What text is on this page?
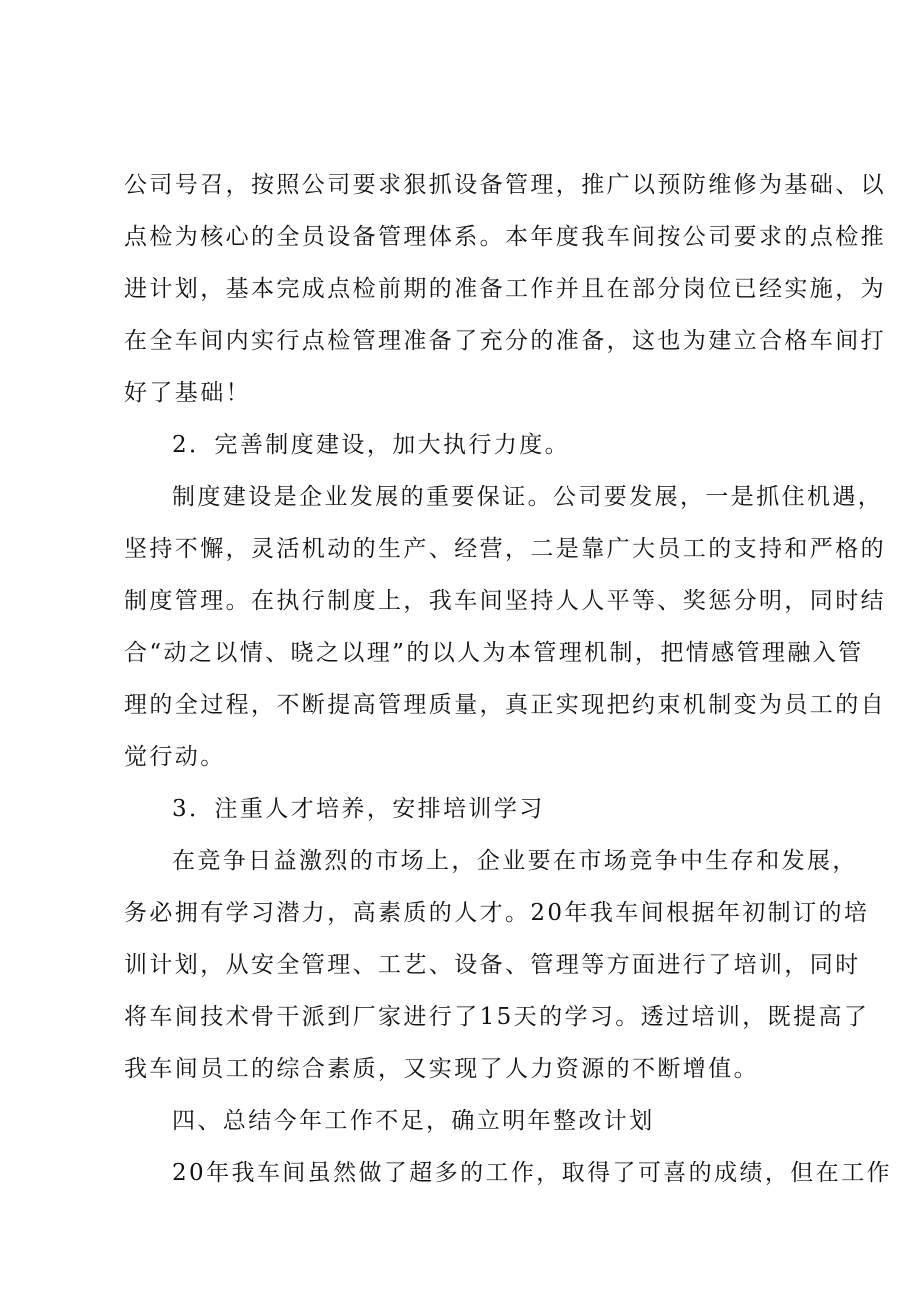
公司号召，按照公司要求狠抓设备管理，推广以预防维修为基础、以
点检为核心的全员设备管理体系。本年度我车间按公司要求的点检推
进计划，基本完成点检前期的准备工作并且在部分岗位已经实施，为
在全车间内实行点检管理准备了充分的准备，这也为建立合格车间打
好了基础！
2．完善制度建设，加大执行力度。
制度建设是企业发展的重要保证。公司要发展，一是抓住机遇，
坚持不懈，灵活机动的生产、经营，二是靠广大员工的支持和严格的
制度管理。在执行制度上，我车间坚持人人平等、奖惩分明，同时结
合“动之以情、晓之以理”的以人为本管理机制，把情感管理融入管
理的全过程，不断提高管理质量，真正实现把约束机制变为员工的自
觉行动。
3．注重人才培养，安排培训学习
在竞争日益激烈的市场上，企业要在市场竞争中生存和发展，
务必拥有学习潜力，高素质的人才。20年我车间根据年初制订的培
训计划，从安全管理、工艺、设备、管理等方面进行了培训，同时
将车间技术骨干派到厂家进行了15天的学习。透过培训，既提高了
我车间员工的综合素质，又实现了人力资源的不断增值。
四、总结今年工作不足，确立明年整改计划
20年我车间虽然做了超多的工作，取得了可喜的成绩，但在工作
